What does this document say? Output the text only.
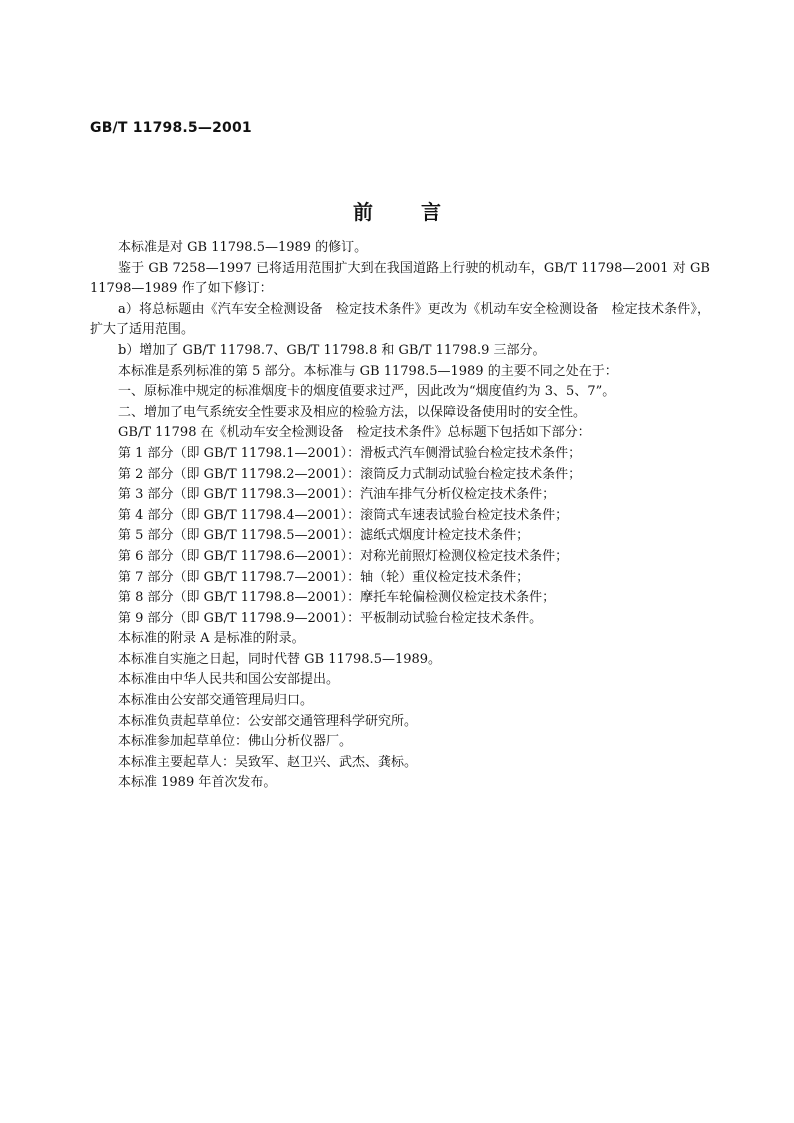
GB/T 11798.5—2001
前 言

本标准是对 GB 11798.5—1989 的修订。

鉴于 GB 7258—1997 已将适用范围扩大到在我国道路上行驶的机动车，GB/T 11798—2001 对 GB 11798—1989 作了如下修订：

a）将总标题由《汽车安全检测设备　检定技术条件》更改为《机动车安全检测设备　检定技术条件》，扩大了适用范围。

b）增加了 GB/T 11798.7、GB/T 11798.8 和 GB/T 11798.9 三部分。

本标准是系列标准的第 5 部分。本标准与 GB 11798.5—1989 的主要不同之处在于：

一、原标准中规定的标准烟度卡的烟度值要求过严，因此改为“烟度值约为 3、5、7”。

二、增加了电气系统安全性要求及相应的检验方法，以保障设备使用时的安全性。

GB/T 11798 在《机动车安全检测设备　检定技术条件》总标题下包括如下部分：

第 1 部分（即 GB/T 11798.1—2001）：滑板式汽车侧滑试验台检定技术条件；

第 2 部分（即 GB/T 11798.2—2001）：滚筒反力式制动试验台检定技术条件；

第 3 部分（即 GB/T 11798.3—2001）：汽油车排气分析仪检定技术条件；

第 4 部分（即 GB/T 11798.4—2001）：滚筒式车速表试验台检定技术条件；

第 5 部分（即 GB/T 11798.5—2001）：滤纸式烟度计检定技术条件；

第 6 部分（即 GB/T 11798.6—2001）：对称光前照灯检测仪检定技术条件；

第 7 部分（即 GB/T 11798.7—2001）：轴（轮）重仪检定技术条件；

第 8 部分（即 GB/T 11798.8—2001）：摩托车轮偏检测仪检定技术条件；

第 9 部分（即 GB/T 11798.9—2001）：平板制动试验台检定技术条件。

本标准的附录 A 是标准的附录。

本标准自实施之日起，同时代替 GB 11798.5—1989。

本标准由中华人民共和国公安部提出。

本标准由公安部交通管理局归口。

本标准负责起草单位：公安部交通管理科学研究所。

本标准参加起草单位：佛山分析仪器厂。

本标准主要起草人：吴致军、赵卫兴、武杰、龚标。

本标准 1989 年首次发布。
